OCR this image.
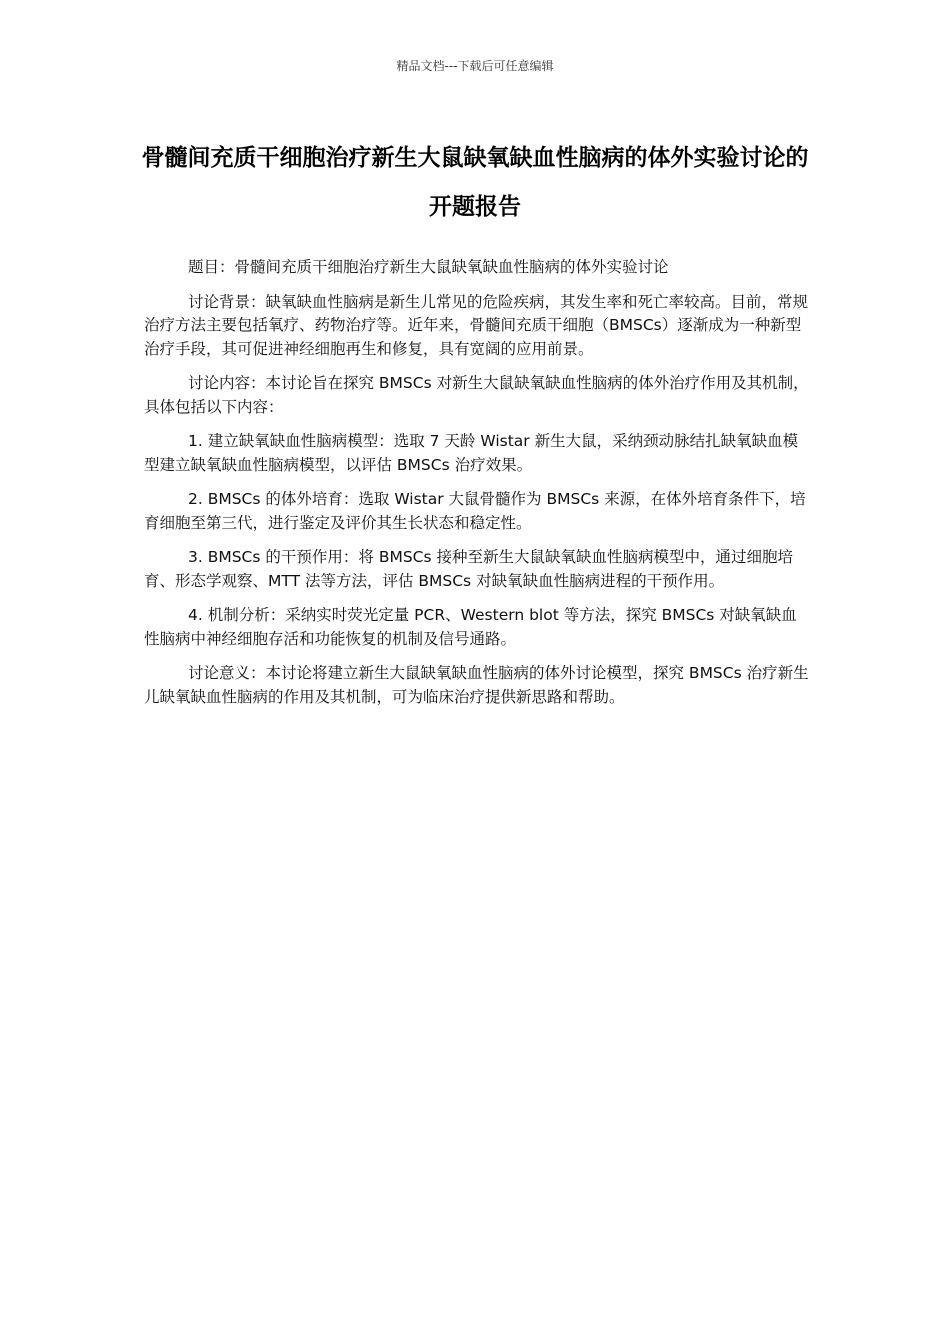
精品文档---下载后可任意编辑
骨髓间充质干细胞治疗新生大鼠缺氧缺血性脑病的体外实验讨论的开题报告

题目：骨髓间充质干细胞治疗新生大鼠缺氧缺血性脑病的体外实验讨论

讨论背景：缺氧缺血性脑病是新生儿常见的危险疾病，其发生率和死亡率较高。目前，常规治疗方法主要包括氧疗、药物治疗等。近年来，骨髓间充质干细胞（BMSCs）逐渐成为一种新型治疗手段，其可促进神经细胞再生和修复，具有宽阔的应用前景。

讨论内容：本讨论旨在探究 BMSCs 对新生大鼠缺氧缺血性脑病的体外治疗作用及其机制，具体包括以下内容：

1. 建立缺氧缺血性脑病模型：选取 7 天龄 Wistar 新生大鼠，采纳颈动脉结扎缺氧缺血模型建立缺氧缺血性脑病模型，以评估 BMSCs 治疗效果。

2. BMSCs 的体外培育：选取 Wistar 大鼠骨髓作为 BMSCs 来源，在体外培育条件下，培育细胞至第三代，进行鉴定及评价其生长状态和稳定性。

3. BMSCs 的干预作用：将 BMSCs 接种至新生大鼠缺氧缺血性脑病模型中，通过细胞培育、形态学观察、MTT 法等方法，评估 BMSCs 对缺氧缺血性脑病进程的干预作用。

4. 机制分析：采纳实时荧光定量 PCR、Western blot 等方法，探究 BMSCs 对缺氧缺血性脑病中神经细胞存活和功能恢复的机制及信号通路。

讨论意义：本讨论将建立新生大鼠缺氧缺血性脑病的体外讨论模型，探究 BMSCs 治疗新生儿缺氧缺血性脑病的作用及其机制，可为临床治疗提供新思路和帮助。
